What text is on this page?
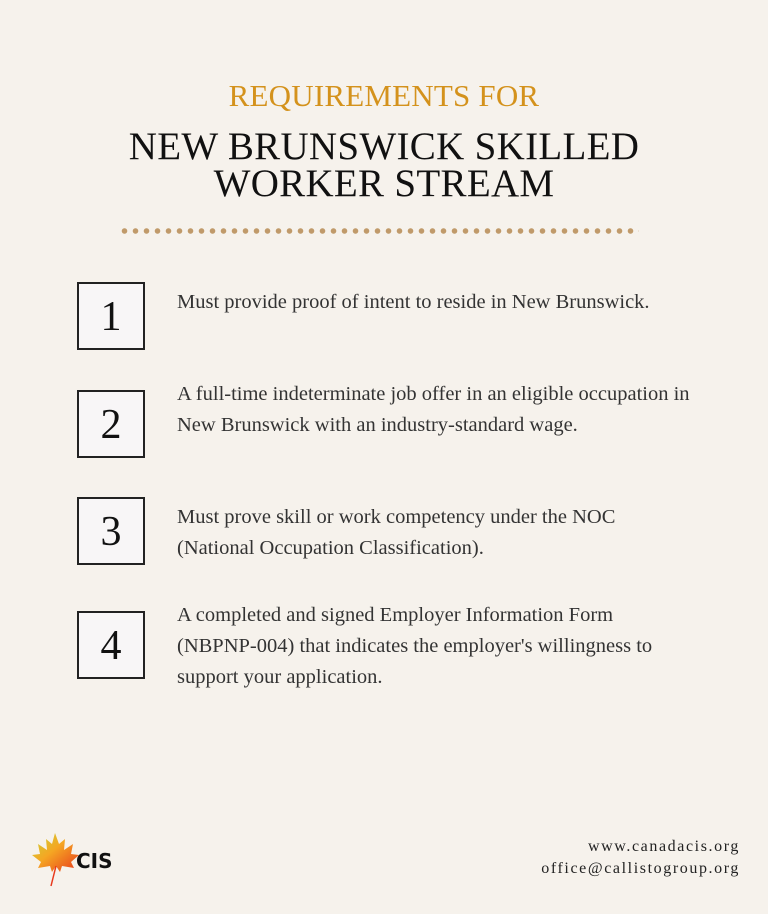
REQUIREMENTS FOR
NEW BRUNSWICK SKILLED
WORKER STREAM
1	Must provide proof of intent to reside in New Brunswick.
2
A full-time indeterminate job offer in an eligible occupation in New Brunswick with an industry-standard wage.
3	Must prove skill or work competency under the NOC (National Occupation Classification).
4
A completed and signed Employer Information Form (NBPNP-004) that indicates the employer's willingness to support your application.
CIS
www.canadacis.org
office@callistogroup.org
